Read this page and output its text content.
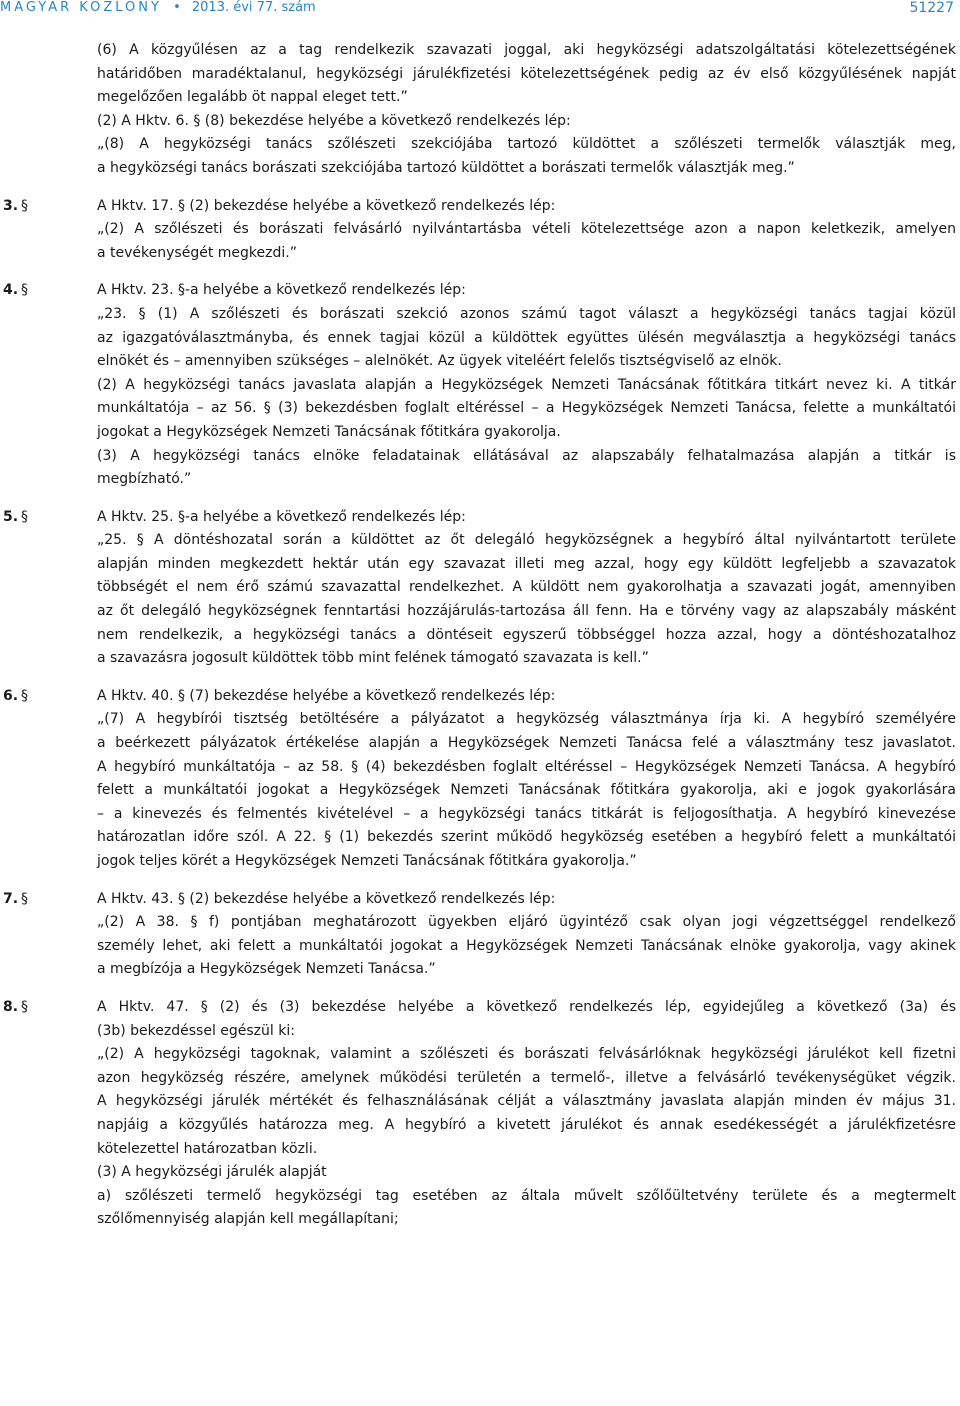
MAGYAR KÖZLÖNY • 2013. évi 77. szám	51227

(6) A közgyűlésen az a tag rendelkezik szavazati joggal, aki hegyközségi adatszolgáltatási kötelezettségének

határidőben maradéktalanul, hegyközségi járulékfizetési kötelezettségének pedig az év első közgyűlésének napját

megelőzően legalább öt nappal eleget tett.”

(2) A Hktv. 6. § (8) bekezdése helyébe a következő rendelkezés lép:

„(8) A hegyközségi tanács szőlészeti szekciójába tartozó küldöttet a szőlészeti termelők választják meg,

a hegyközségi tanács borászati szekciójába tartozó küldöttet a borászati termelők választják meg.”

3. §	A Hktv. 17. § (2) bekezdése helyébe a következő rendelkezés lép:

„(2) A szőlészeti és borászati felvásárló nyilvántartásba vételi kötelezettsége azon a napon keletkezik, amelyen

a tevékenységét megkezdi.”

4. §	A Hktv. 23. §-a helyébe a következő rendelkezés lép:

„23. § (1) A szőlészeti és borászati szekció azonos számú tagot választ a hegyközségi tanács tagjai közül

az igazgatóválasztmányba, és ennek tagjai közül a küldöttek együttes ülésén megválasztja a hegyközségi tanács

elnökét és – amennyiben szükséges – alelnökét. Az ügyek viteléért felelős tisztségviselő az elnök.

(2) A hegyközségi tanács javaslata alapján a Hegyközségek Nemzeti Tanácsának főtitkára titkárt nevez ki. A titkár

munkáltatója – az 56. § (3) bekezdésben foglalt eltéréssel – a Hegyközségek Nemzeti Tanácsa, felette a munkáltatói

jogokat a Hegyközségek Nemzeti Tanácsának főtitkára gyakorolja.

(3) A hegyközségi tanács elnöke feladatainak ellátásával az alapszabály felhatalmazása alapján a titkár is

megbízható.”

5. §	A Hktv. 25. §-a helyébe a következő rendelkezés lép:

„25. § A döntéshozatal során a küldöttet az őt delegáló hegyközségnek a hegybíró által nyilvántartott területe

alapján minden megkezdett hektár után egy szavazat illeti meg azzal, hogy egy küldött legfeljebb a szavazatok

többségét el nem érő számú szavazattal rendelkezhet. A küldött nem gyakorolhatja a szavazati jogát, amennyiben

az őt delegáló hegyközségnek fenntartási hozzájárulás-tartozása áll fenn. Ha e törvény vagy az alapszabály másként

nem rendelkezik, a hegyközségi tanács a döntéseit egyszerű többséggel hozza azzal, hogy a döntéshozatalhoz

a szavazásra jogosult küldöttek több mint felének támogató szavazata is kell.”

6. §	A Hktv. 40. § (7) bekezdése helyébe a következő rendelkezés lép:

„(7) A hegybírói tisztség betöltésére a pályázatot a hegyközség választmánya írja ki. A hegybíró személyére

a beérkezett pályázatok értékelése alapján a Hegyközségek Nemzeti Tanácsa felé a választmány tesz javaslatot.

A hegybíró munkáltatója – az 58. § (4) bekezdésben foglalt eltéréssel – Hegyközségek Nemzeti Tanácsa. A hegybíró

felett a munkáltatói jogokat a Hegyközségek Nemzeti Tanácsának főtitkára gyakorolja, aki e jogok gyakorlására

– a kinevezés és felmentés kivételével – a hegyközségi tanács titkárát is feljogosíthatja. A hegybíró kinevezése

határozatlan időre szól. A 22. § (1) bekezdés szerint működő hegyközség esetében a hegybíró felett a munkáltatói

jogok teljes körét a Hegyközségek Nemzeti Tanácsának főtitkára gyakorolja.”

7. §	A Hktv. 43. § (2) bekezdése helyébe a következő rendelkezés lép:

„(2) A 38. § f) pontjában meghatározott ügyekben eljáró ügyintéző csak olyan jogi végzettséggel rendelkező

személy lehet, aki felett a munkáltatói jogokat a Hegyközségek Nemzeti Tanácsának elnöke gyakorolja, vagy akinek

a megbízója a Hegyközségek Nemzeti Tanácsa.”

8. §	A Hktv. 47. § (2) és (3) bekezdése helyébe a következő rendelkezés lép, egyidejűleg a következő (3a) és

(3b) bekezdéssel egészül ki:

„(2) A hegyközségi tagoknak, valamint a szőlészeti és borászati felvásárlóknak hegyközségi járulékot kell fizetni

azon hegyközség részére, amelynek működési területén a termelő-, illetve a felvásárló tevékenységüket végzik.

A hegyközségi járulék mértékét és felhasználásának célját a választmány javaslata alapján minden év május 31.

napjáig a közgyűlés határozza meg. A hegybíró a kivetett járulékot és annak esedékességét a járulékfizetésre

kötelezettel határozatban közli.

(3) A hegyközségi járulék alapját

a) szőlészeti termelő hegyközségi tag esetében az általa művelt szőlőültetvény területe és a megtermelt

szőlőmennyiség alapján kell megállapítani;
